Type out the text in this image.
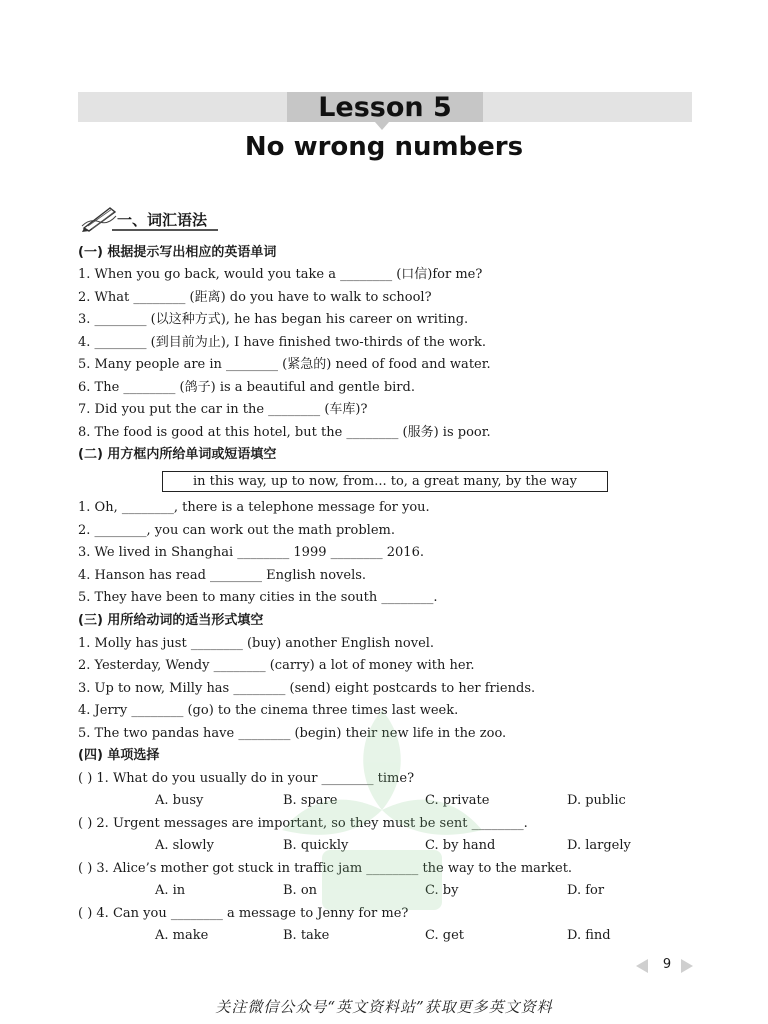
Lesson 5
No wrong numbers
一、词汇语法
(一) 根据提示写出相应的英语单词
1. When you go back, would you take a ________ (口信)for me?
2. What ________ (距离) do you have to walk to school?
3. ________ (以这种方式), he has began his career on writing.
4. ________ (到目前为止), I have finished two-thirds of the work.
5. Many people are in ________ (紧急的) need of food and water.
6. The ________ (鸽子) is a beautiful and gentle bird.
7. Did you put the car in the ________ (车库)?
8. The food is good at this hotel, but the ________ (服务) is poor.
(二) 用方框内所给单词或短语填空
in this way, up to now, from... to, a great many, by the way
1. Oh, ________, there is a telephone message for you.
2. ________, you can work out the math problem.
3. We lived in Shanghai ________ 1999 ________ 2016.
4. Hanson has read ________ English novels.
5. They have been to many cities in the south ________.
(三) 用所给动词的适当形式填空
1. Molly has just ________ (buy) another English novel.
2. Yesterday, Wendy ________ (carry) a lot of money with her.
3. Up to now, Milly has ________ (send) eight postcards to her friends.
4. Jerry ________ (go) to the cinema three times last week.
5. The two pandas have ________ (begin) their new life in the zoo.
(四) 单项选择
( ) 1. What do you usually do in your ________ time?
A. busy	B. spare	C. private	D. public
( ) 2. Urgent messages are important, so they must be sent ________.
A. slowly	B. quickly	C. by hand	D. largely
( ) 3. Alice’s mother got stuck in traffic jam ________ the way to the market.
A. in	B. on	C. by	D. for
( ) 4. Can you ________ a message to Jenny for me?
A. make	B. take	C. get	D. find
9
关注微信公众号“英文资料站”获取更多英文资料
